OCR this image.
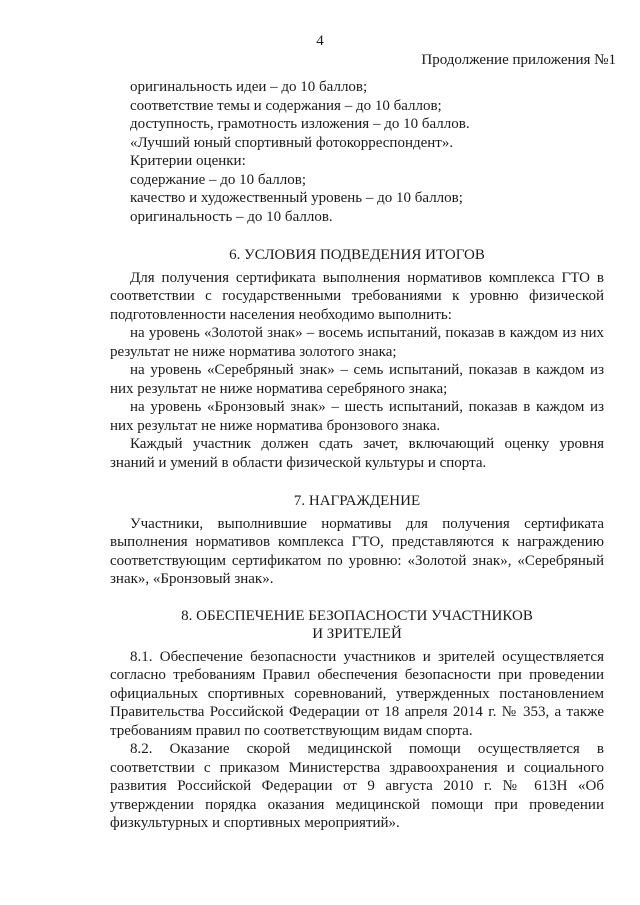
4
Продолжение приложения №1
оригинальность идеи – до 10 баллов;
соответствие темы и содержания – до 10 баллов;
доступность, грамотность изложения – до 10 баллов.
«Лучший юный спортивный фотокорреспондент».
Критерии оценки:
содержание – до 10 баллов;
качество и художественный уровень – до 10 баллов;
оригинальность – до 10 баллов.
6. УСЛОВИЯ ПОДВЕДЕНИЯ ИТОГОВ
Для получения сертификата выполнения нормативов комплекса ГТО в соответствии с государственными требованиями к уровню физической подготовленности населения необходимо выполнить:
на уровень «Золотой знак» – восемь испытаний, показав в каждом из них результат не ниже норматива золотого знака;
на уровень «Серебряный знак» – семь испытаний, показав в каждом из них результат не ниже норматива серебряного знака;
на уровень «Бронзовый знак» – шесть испытаний, показав в каждом из них результат не ниже норматива бронзового знака.
Каждый участник должен сдать зачет, включающий оценку уровня знаний и умений в области физической культуры и спорта.
7. НАГРАЖДЕНИЕ
Участники, выполнившие нормативы для получения сертификата выполнения нормативов комплекса ГТО, представляются к награждению соответствующим сертификатом по уровню: «Золотой знак», «Серебряный знак», «Бронзовый знак».
8. ОБЕСПЕЧЕНИЕ БЕЗОПАСНОСТИ УЧАСТНИКОВ
И ЗРИТЕЛЕЙ
8.1. Обеспечение безопасности участников и зрителей осуществляется согласно требованиям Правил обеспечения безопасности при проведении официальных спортивных соревнований, утвержденных постановлением Правительства Российской Федерации от 18 апреля 2014 г. № 353, а также требованиям правил по соответствующим видам спорта.
8.2. Оказание скорой медицинской помощи осуществляется в соответствии с приказом Министерства здравоохранения и социального развития Российской Федерации от 9 августа 2010 г. № 613Н «Об утверждении порядка оказания медицинской помощи при проведении физкультурных и спортивных мероприятий».
